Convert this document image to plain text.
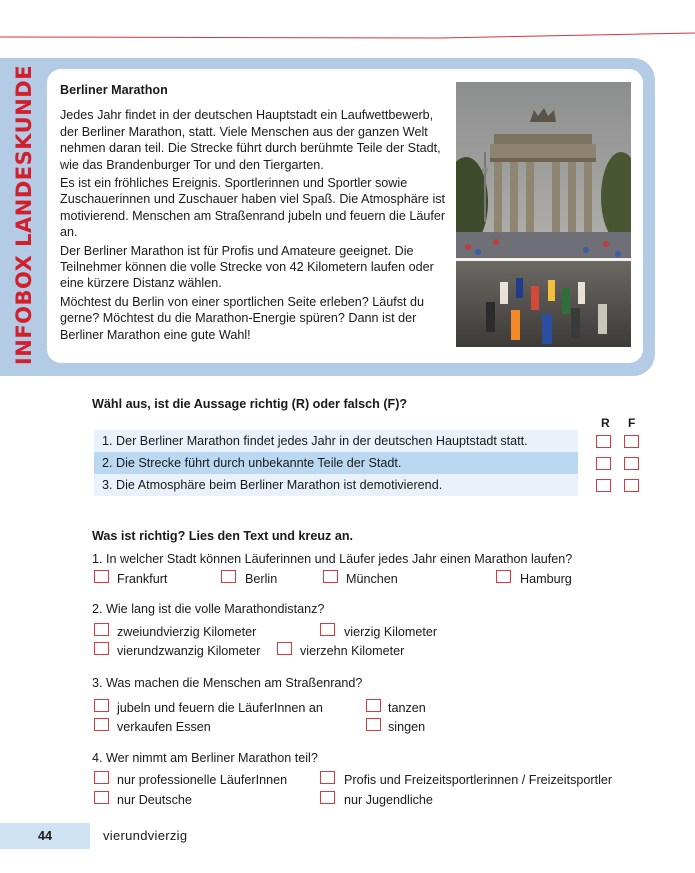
INFOBOX LANDESKUNDE Berliner Marathon

Jedes Jahr findet in der deutschen Hauptstadt ein Laufwettbewerb, der Berliner Marathon, statt. Viele Menschen aus der ganzen Welt nehmen daran teil. Die Strecke führt durch berühmte Teile der Stadt, wie das Brandenburger Tor und den Tiergarten.

Es ist ein fröhliches Ereignis. Sportlerinnen und Sportler sowie Zuschauerinnen und Zuschauer haben viel Spaß. Die Atmosphäre ist motivierend. Menschen am Straßenrand jubeln und feuern die Läufer an.

Der Berliner Marathon ist für Profis und Amateure geeignet. Die Teilnehmer können die volle Strecke von 42 Kilometern laufen oder eine kürzere Distanz wählen.

Möchtest du Berlin von einer sportlichen Seite erleben? Läufst du gerne? Möchtest du die Marathon-Energie spüren? Dann ist der Berliner Marathon eine gute Wahl!

Wähl aus, ist die Aussage richtig (R) oder falsch (F)?
R F
1. Der Berliner Marathon findet jedes Jahr in der deutschen Hauptstadt statt.
2. Die Strecke führt durch unbekannte Teile der Stadt.
3. Die Atmosphäre beim Berliner Marathon ist demotivierend.
Was ist richtig? Lies den Text und kreuz an.
1. In welcher Stadt können Läuferinnen und Läufer jedes Jahr einen Marathon laufen?
Frankfurt	Berlin	München	Hamburg
2. Wie lang ist die volle Marathondistanz?
zweiundvierzig Kilometer	vierzig Kilometer
vierundzwanzig Kilometer	vierzehn Kilometer
3. Was machen die Menschen am Straßenrand?
jubeln und feuern die LäuferInnen an	tanzen
verkaufen Essen	singen
4. Wer nimmt am Berliner Marathon teil?
nur professionelle LäuferInnen	Profis und Freizeitsportlerinnen / Freizeitsportler
nur Deutsche	nur Jugendliche
44	vierundvierzig
